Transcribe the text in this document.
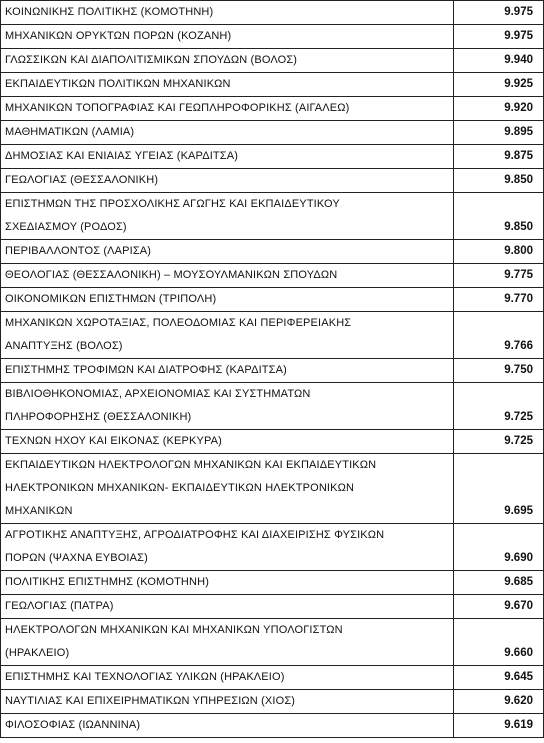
ΚΟΙΝΩΝΙΚΗΣ ΠΟΛΙΤΙΚΗΣ (ΚΟΜΟΤΗΝΗ)	9.975

ΜΗΧΑΝΙΚΩΝ ΟΡΥΚΤΩΝ ΠΟΡΩΝ (ΚΟΖΑΝΗ)	9.975

ΓΛΩΣΣΙΚΩΝ ΚΑΙ ΔΙΑΠΟΛΙΤΙΣΜΙΚΩΝ ΣΠΟΥΔΩΝ (ΒΟΛΟΣ)	9.940

ΕΚΠΑΙΔΕΥΤΙΚΩΝ ΠΟΛΙΤΙΚΩΝ ΜΗΧΑΝΙΚΩΝ	9.925

ΜΗΧΑΝΙΚΩΝ ΤΟΠΟΓΡΑΦΙΑΣ ΚΑΙ ΓΕΩΠΛΗΡΟΦΟΡΙΚΗΣ (ΑΙΓΑΛΕΩ)	9.920

ΜΑΘΗΜΑΤΙΚΩΝ (ΛΑΜΙΑ)	9.895

ΔΗΜΟΣΙΑΣ ΚΑΙ ΕΝΙΑΙΑΣ ΥΓΕΙΑΣ (ΚΑΡΔΙΤΣΑ)	9.875

ΓΕΩΛΟΓΙΑΣ (ΘΕΣΣΑΛΟΝΙΚΗ)	9.850

ΕΠΙΣΤΗΜΩΝ ΤΗΣ ΠΡΟΣΧΟΛΙΚΗΣ ΑΓΩΓΗΣ ΚΑΙ ΕΚΠΑΙΔΕΥΤΙΚΟΥ
ΣΧΕΔΙΑΣΜΟΥ (ΡΟΔΟΣ)	9.850

ΠΕΡΙΒΑΛΛΟΝΤΟΣ (ΛΑΡΙΣΑ)	9.800

ΘΕΟΛΟΓΙΑΣ (ΘΕΣΣΑΛΟΝΙΚΗ) – ΜΟΥΣΟΥΛΜΑΝΙΚΩΝ ΣΠΟΥΔΩΝ	9.775

ΟΙΚΟΝΟΜΙΚΩΝ ΕΠΙΣΤΗΜΩΝ (ΤΡΙΠΟΛΗ)	9.770

ΜΗΧΑΝΙΚΩΝ ΧΩΡΟΤΑΞΙΑΣ, ΠΟΛΕΟΔΟΜΙΑΣ ΚΑΙ ΠΕΡΙΦΕΡΕΙΑΚΗΣ
ΑΝΑΠΤΥΞΗΣ (ΒΟΛΟΣ)	9.766

ΕΠΙΣΤΗΜΗΣ ΤΡΟΦΙΜΩΝ ΚΑΙ ΔΙΑΤΡΟΦΗΣ (ΚΑΡΔΙΤΣΑ)	9.750

ΒΙΒΛΙΟΘΗΚΟΝΟΜΙΑΣ, ΑΡΧΕΙΟΝΟΜΙΑΣ ΚΑΙ ΣΥΣΤΗΜΑΤΩΝ
ΠΛΗΡΟΦΟΡΗΣΗΣ (ΘΕΣΣΑΛΟΝΙΚΗ)	9.725

ΤΕΧΝΩΝ ΗΧΟΥ ΚΑΙ ΕΙΚΟΝΑΣ (ΚΕΡΚΥΡΑ)	9.725

ΕΚΠΑΙΔΕΥΤΙΚΩΝ ΗΛΕΚΤΡΟΛΟΓΩΝ ΜΗΧΑΝΙΚΩΝ ΚΑΙ ΕΚΠΑΙΔΕΥΤΙΚΩΝ
ΗΛΕΚΤΡΟΝΙΚΩΝ ΜΗΧΑΝΙΚΩΝ- ΕΚΠΑΙΔΕΥΤΙΚΩΝ ΗΛΕΚΤΡΟΝΙΚΩΝ
ΜΗΧΑΝΙΚΩΝ	9.695

ΑΓΡΟΤΙΚΗΣ ΑΝΑΠΤΥΞΗΣ, ΑΓΡΟΔΙΑΤΡΟΦΗΣ ΚΑΙ ΔΙΑΧΕΙΡΙΣΗΣ ΦΥΣΙΚΩΝ
ΠΟΡΩΝ (ΨΑΧΝΑ ΕΥΒΟΙΑΣ)	9.690

ΠΟΛΙΤΙΚΗΣ ΕΠΙΣΤΗΜΗΣ (ΚΟΜΟΤΗΝΗ)	9.685

ΓΕΩΛΟΓΙΑΣ (ΠΑΤΡΑ)	9.670

ΗΛΕΚΤΡΟΛΟΓΩΝ ΜΗΧΑΝΙΚΩΝ ΚΑΙ ΜΗΧΑΝΙΚΩΝ ΥΠΟΛΟΓΙΣΤΩΝ
(ΗΡΑΚΛΕΙΟ)	9.660

ΕΠΙΣΤΗΜΗΣ ΚΑΙ ΤΕΧΝΟΛΟΓΙΑΣ ΥΛΙΚΩΝ (ΗΡΑΚΛΕΙΟ)	9.645

ΝΑΥΤΙΛΙΑΣ ΚΑΙ ΕΠΙΧΕΙΡΗΜΑΤΙΚΩΝ ΥΠΗΡΕΣΙΩΝ (ΧΙΟΣ)	9.620

ΦΙΛΟΣΟΦΙΑΣ (ΙΩΑΝΝΙΝΑ)	9.619
